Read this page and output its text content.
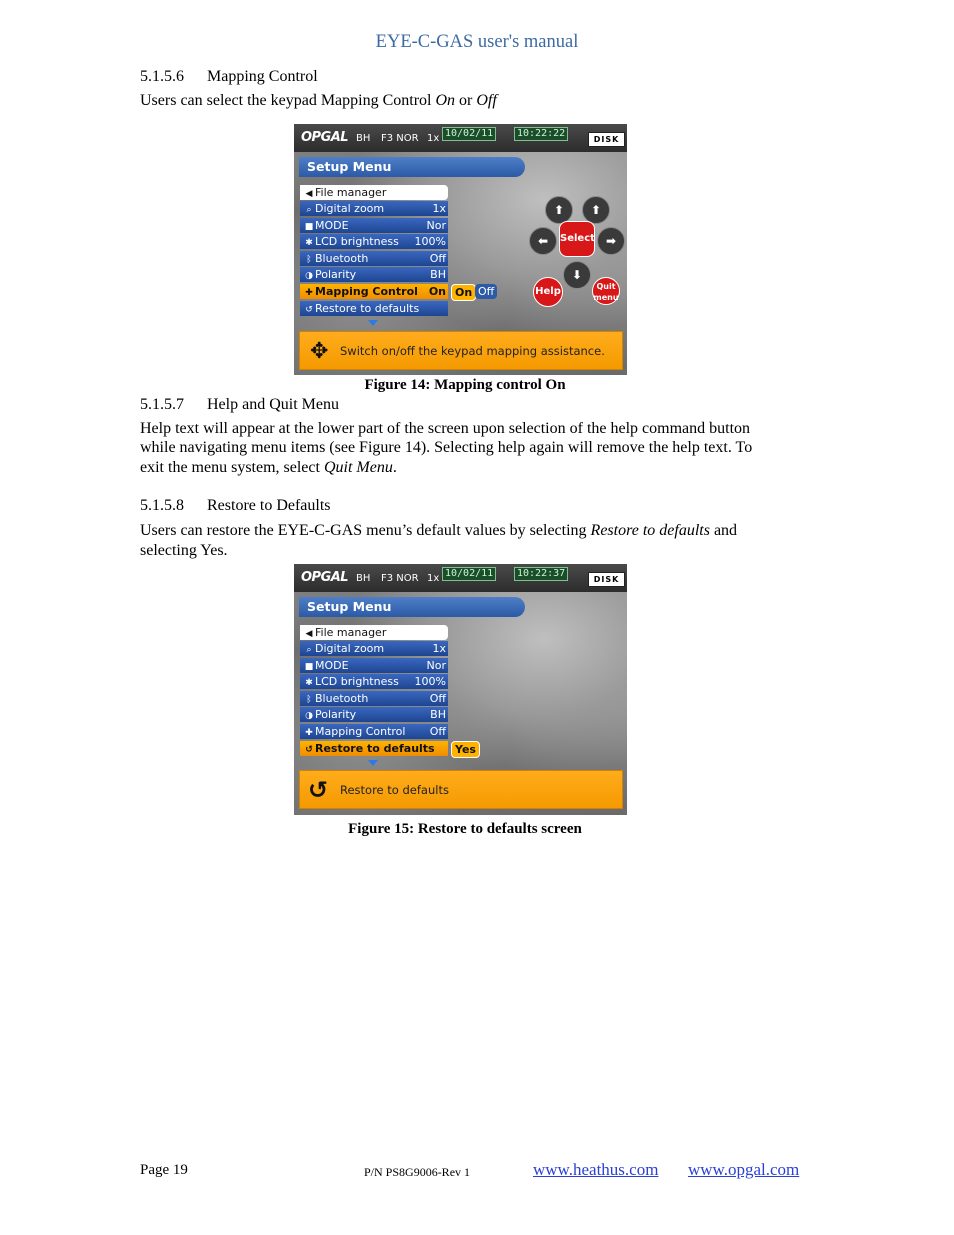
EYE-C-GAS user's manual
5.1.5.6 Mapping Control
Users can select the keypad Mapping Control On or Off
OPGAL BH F3 NOR 1x 10/02/11	10:22:22
DISK
Setup Menu
◀ File manager
⌕ Digital zoom	1x
■ MODE	Nor
✱ LCD brightness 100%
ᛒ Bluetooth	Off
◑ Polarity	BH
✚ Mapping Control On
↺ Restore to defaults
On Off
⬆	⬆
⬅	Select ➡
⬇
Help	Quit menu
✥ Switch on/off the keypad mapping assistance.
Figure 14: Mapping control On
5.1.5.7 Help and Quit Menu
Help text will appear at the lower part of the screen upon selection of the help command button
while navigating menu items (see Figure 14). Selecting help again will remove the help text. To
exit the menu system, select Quit Menu.
5.1.5.8 Restore to Defaults
Users can restore the EYE-C-GAS menu’s default values by selecting Restore to defaults and
selecting Yes.
OPGAL BH F3 NOR 1x 10/02/11	10:22:37
DISK
Setup Menu
◀ File manager
⌕ Digital zoom	1x
■ MODE	Nor
✱ LCD brightness 100%
ᛒ Bluetooth	Off
◑ Polarity	BH
✚ Mapping Control Off
↺ Restore to defaults	Yes
↺ Restore to defaults
Figure 15: Restore to defaults screen
Page 19	P/N PS8G9006-Rev 1	www.heathus.com www.opgal.com
